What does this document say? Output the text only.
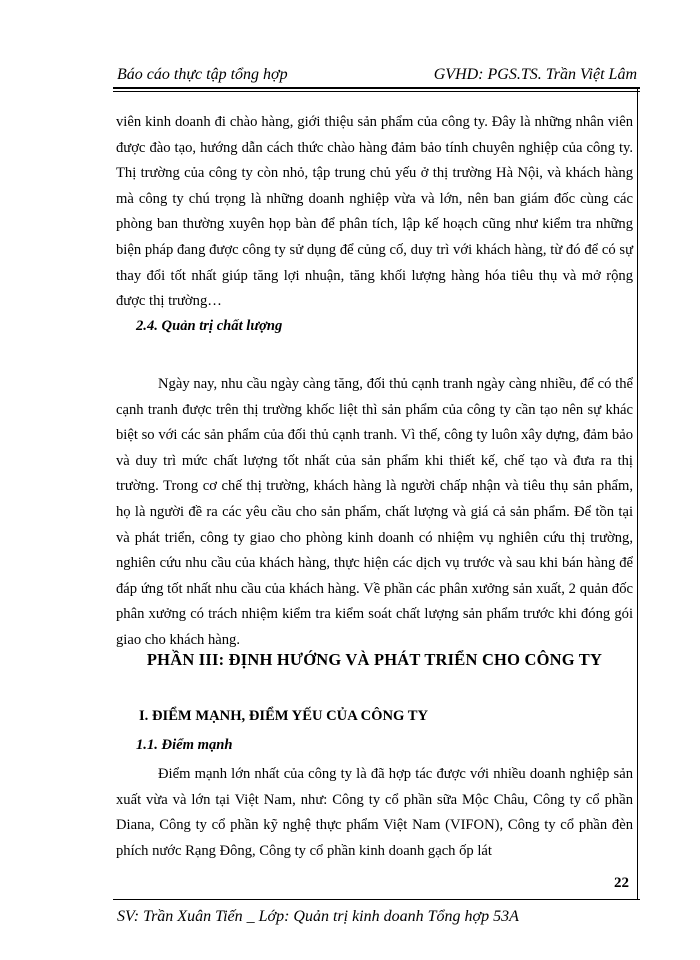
Báo cáo thực tập tổng hợp	GVHD: PGS.TS. Trần Việt Lâm

viên kinh doanh đi chào hàng, giới thiệu sản phẩm của công ty. Đây là những nhân viên được đào tạo, hướng dẫn cách thức chào hàng đảm bảo tính chuyên nghiệp của công ty. Thị trường của công ty còn nhỏ, tập trung chủ yếu ở thị trường Hà Nội, và khách hàng mà công ty chú trọng là những doanh nghiệp vừa và lớn, nên ban giám đốc cùng các phòng ban thường xuyên họp bàn để phân tích, lập kế hoạch cũng như kiểm tra những biện pháp đang được công ty sử dụng để củng cố, duy trì với khách hàng, từ đó để có sự thay đổi tốt nhất giúp tăng lợi nhuận, tăng khối lượng hàng hóa tiêu thụ và mở rộng được thị trường…

2.4. Quản trị chất lượng

Ngày nay, nhu cầu ngày càng tăng, đối thủ cạnh tranh ngày càng nhiều, để có thể cạnh tranh được trên thị trường khốc liệt thì sản phẩm của công ty cần tạo nên sự khác biệt so với các sản phẩm của đối thủ cạnh tranh. Vì thế, công ty luôn xây dựng, đảm bảo và duy trì mức chất lượng tốt nhất của sản phẩm khi thiết kế, chế tạo và đưa ra thị trường. Trong cơ chế thị trường, khách hàng là người chấp nhận và tiêu thụ sản phẩm, họ là người đề ra các yêu cầu cho sản phẩm, chất lượng và giá cả sản phẩm. Để tồn tại và phát triển, công ty giao cho phòng kinh doanh có nhiệm vụ nghiên cứu thị trường, nghiên cứu nhu cầu của khách hàng, thực hiện các dịch vụ trước và sau khi bán hàng để đáp ứng tốt nhất nhu cầu của khách hàng. Về phần các phân xưởng sản xuất, 2 quản đốc phân xưởng có trách nhiệm kiểm tra kiểm soát chất lượng sản phẩm trước khi đóng gói giao cho khách hàng.

PHẦN III: ĐỊNH HƯỚNG VÀ PHÁT TRIỂN CHO CÔNG TY
I. ĐIỂM MẠNH, ĐIỂM YẾU CỦA CÔNG TY
1.1. Điểm mạnh

Điểm mạnh lớn nhất của công ty là đã hợp tác được với nhiều doanh nghiệp sản xuất vừa và lớn tại Việt Nam, như: Công ty cổ phần sữa Mộc Châu, Công ty cổ phần Diana, Công ty cổ phần kỹ nghệ thực phẩm Việt Nam (VIFON), Công ty cổ phần đèn phích nước Rạng Đông, Công ty cổ phần kinh doanh gạch ốp lát

22
SV: Trần Xuân Tiến _ Lớp: Quản trị kinh doanh Tổng hợp 53A
